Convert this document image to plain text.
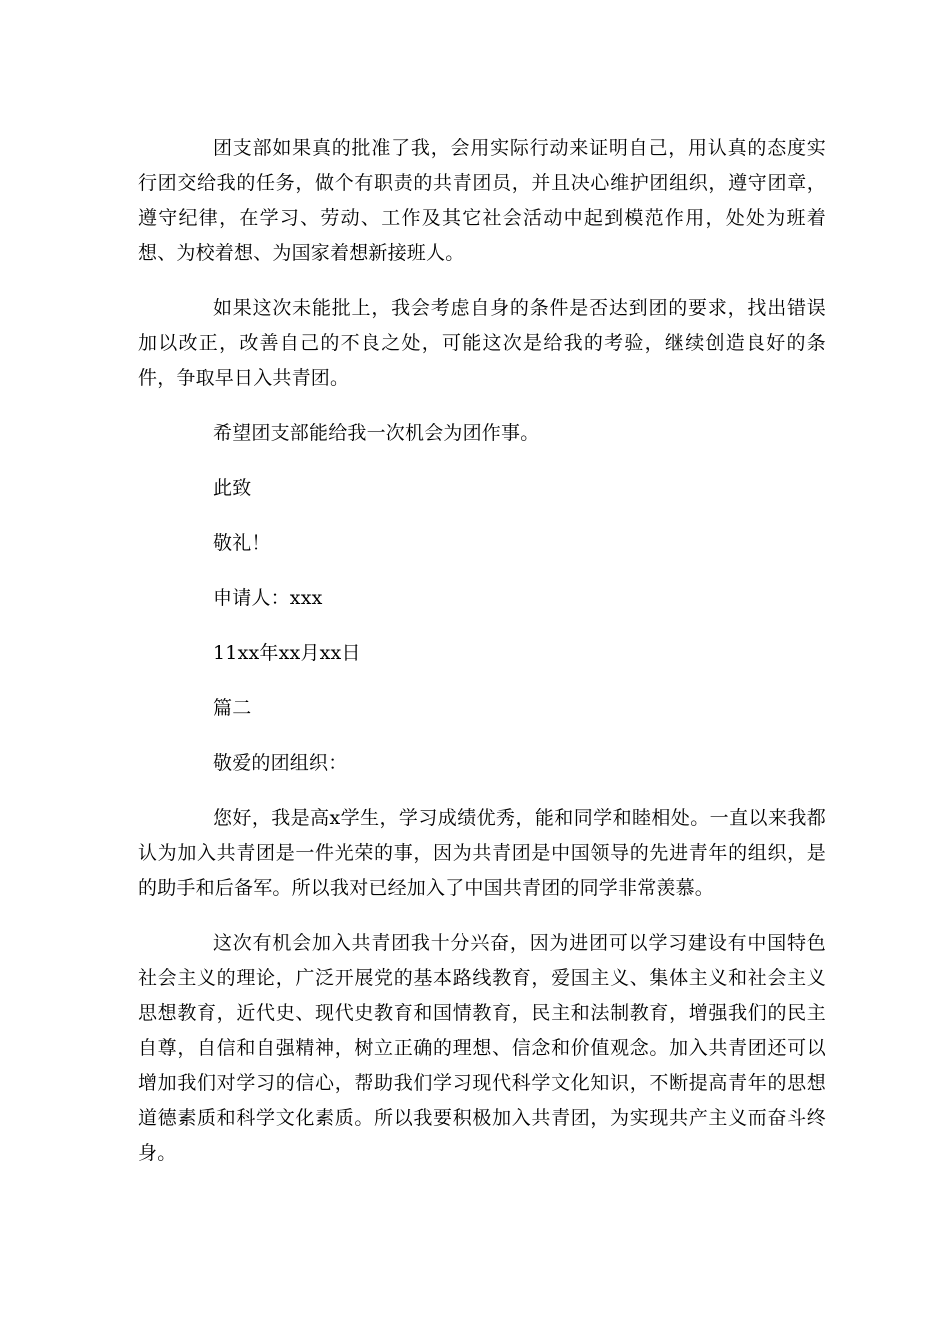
团支部如果真的批准了我，会用实际行动来证明自己，用认真的态度实行团交给我的任务，做个有职责的共青团员，并且决心维护团组织，遵守团章，遵守纪律，在学习、劳动、工作及其它社会活动中起到模范作用，处处为班着想、为校着想、为国家着想新接班人。

如果这次未能批上，我会考虑自身的条件是否达到团的要求，找出错误加以改正，改善自己的不良之处，可能这次是给我的考验，继续创造良好的条件，争取早日入共青团。

希望团支部能给我一次机会为团作事。

此致

敬礼！

申请人：xxx

11xx年xx月xx日

篇二

敬爱的团组织：

您好，我是高x学生，学习成绩优秀，能和同学和睦相处。一直以来我都认为加入共青团是一件光荣的事，因为共青团是中国领导的先进青年的组织，是的助手和后备军。所以我对已经加入了中国共青团的同学非常羡慕。

这次有机会加入共青团我十分兴奋，因为进团可以学习建设有中国特色社会主义的理论，广泛开展党的基本路线教育，爱国主义、集体主义和社会主义思想教育，近代史、现代史教育和国情教育，民主和法制教育，增强我们的民主自尊，自信和自强精神，树立正确的理想、信念和价值观念。加入共青团还可以增加我们对学习的信心，帮助我们学习现代科学文化知识，不断提高青年的思想道德素质和科学文化素质。所以我要积极加入共青团，为实现共产主义而奋斗终身。
